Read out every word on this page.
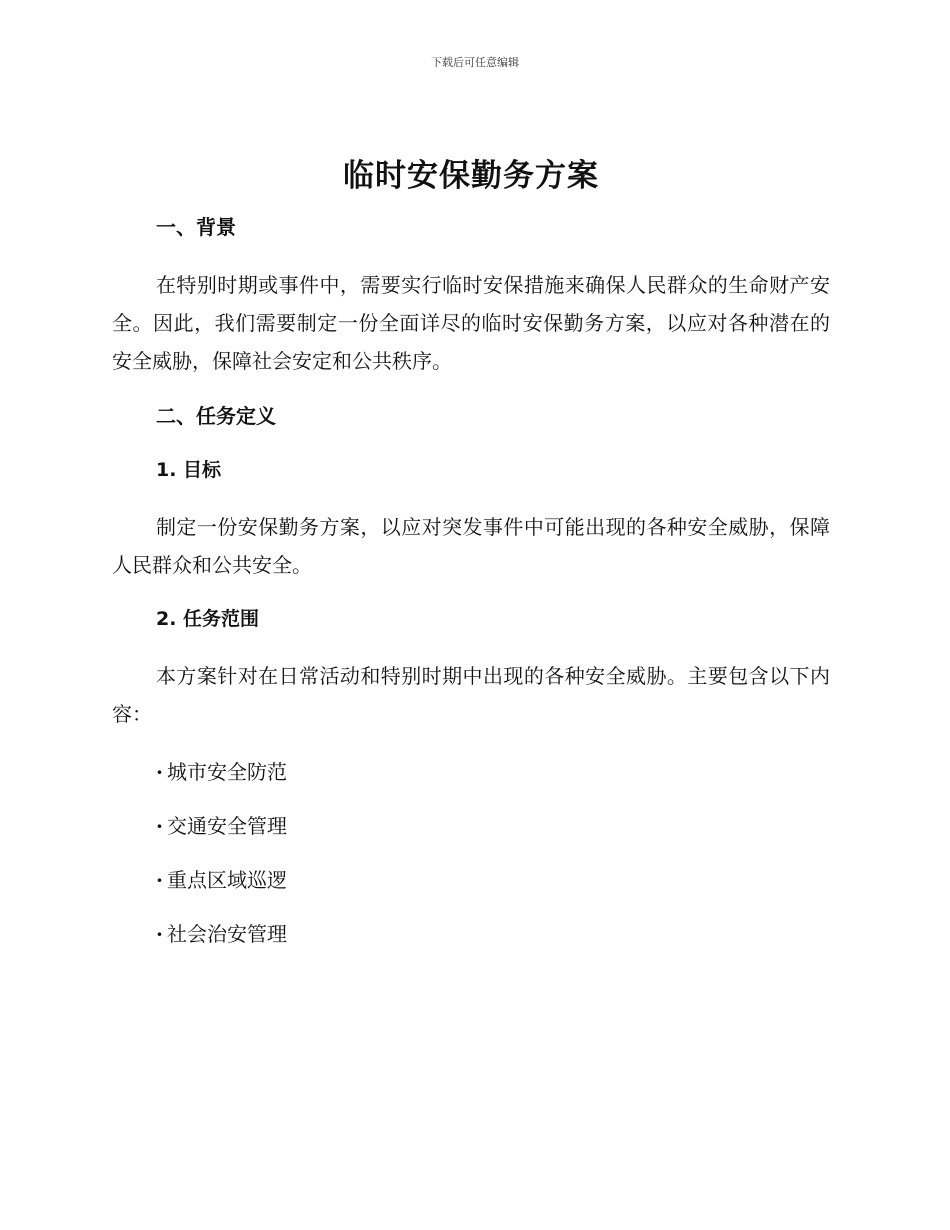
下载后可任意编辑
临时安保勤务方案
一、背景

在特别时期或事件中，需要实行临时安保措施来确保人民群众的生命财产安全。因此，我们需要制定一份全面详尽的临时安保勤务方案，以应对各种潜在的安全威胁，保障社会安定和公共秩序。

二、任务定义
1. 目标

制定一份安保勤务方案，以应对突发事件中可能出现的各种安全威胁，保障人民群众和公共安全。

2. 任务范围

本方案针对在日常活动和特别时期中出现的各种安全威胁。主要包含以下内容：

· 城市安全防范
· 交通安全管理
· 重点区域巡逻
· 社会治安管理
